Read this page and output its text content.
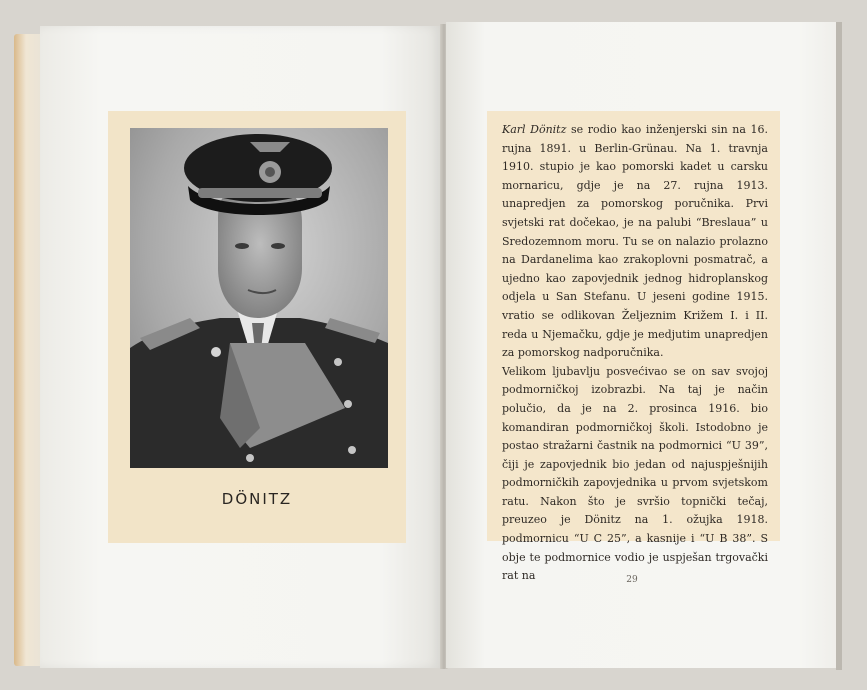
DÖNITZ

Karl Dönitz se rodio kao inženjerski sin na 16. rujna 1891. u Berlin-Grünau. Na 1. travnja 1910. stupio je kao pomorski kadet u carsku mornaricu, gdje je na 27. rujna 1913. unapredjen za pomorskog poručnika. Prvi svjetski rat dočekao, je na palubi “Breslaua” u Sredozemnom moru. Tu se on nalazio prolazno na Dardanelima kao zrakoplovni posmatrač, a ujedno kao zapovjednik jednog hidroplanskog odjela u San Stefanu. U jeseni godine 1915. vratio se odlikovan Željeznim Križem I. i II. reda u Njemačku, gdje je medjutim unapredjen za pomorskog nadporučnika.

Velikom ljubavlju posvećivao se on sav svojoj podmorničkoj izobrazbi. Na taj je način polučio, da je na 2. prosinca 1916. bio komandiran podmorničkoj školi. Istodobno je postao stražarni častnik na podmornici “U 39”, čiji je zapovjednik bio jedan od najuspješnijih podmorničkih zapovjednika u prvom svjetskom ratu. Nakon što je svršio topnički tečaj, preuzeo je Dönitz na 1. ožujka 1918. podmornicu “U C 25”, a kasnije i “U B 38”. S obje te podmornice vodio je uspješan trgovački rat na	29
